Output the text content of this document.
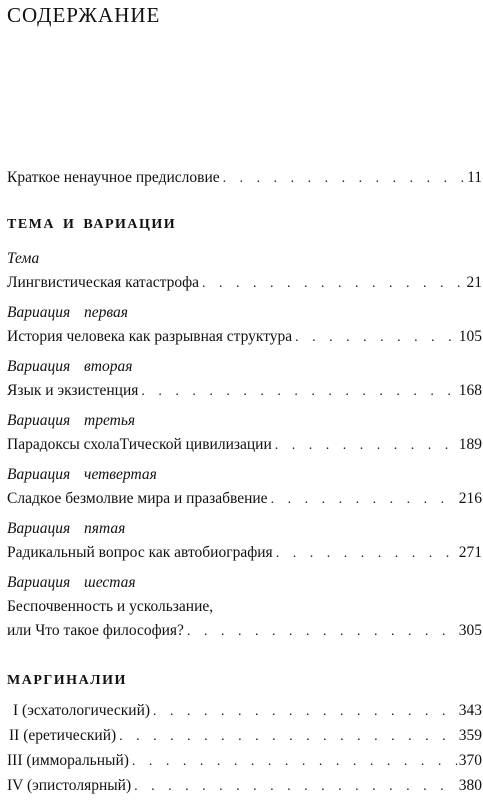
СОДЕРЖАНИЕ
Краткое ненаучное предисловие . . .	11
ТЕМА И ВАРИАЦИИ
Тема
Лингвистическая катастрофа . . .	21
Вариация первая
История человека как разрывная структура . . .	105
Вариация вторая
Язык и экзистенция . . .	168
Вариация третья
Парадоксы схолаТической цивилизации . . .	189
Вариация четвертая
Сладкое безмолвие мира и празабвение . . .	216
Вариация пятая
Радикальный вопрос как автобиография . . .	271
Вариация шестая
Беспочвенность и ускользание,
или Что такое философия? . . .	305
МАРГИНАЛИИ
I (эсхатологический) . . .	343
II (еретический) . . .	359
III (имморальный) . . .	370
IV (эпистолярный) . . .	380
